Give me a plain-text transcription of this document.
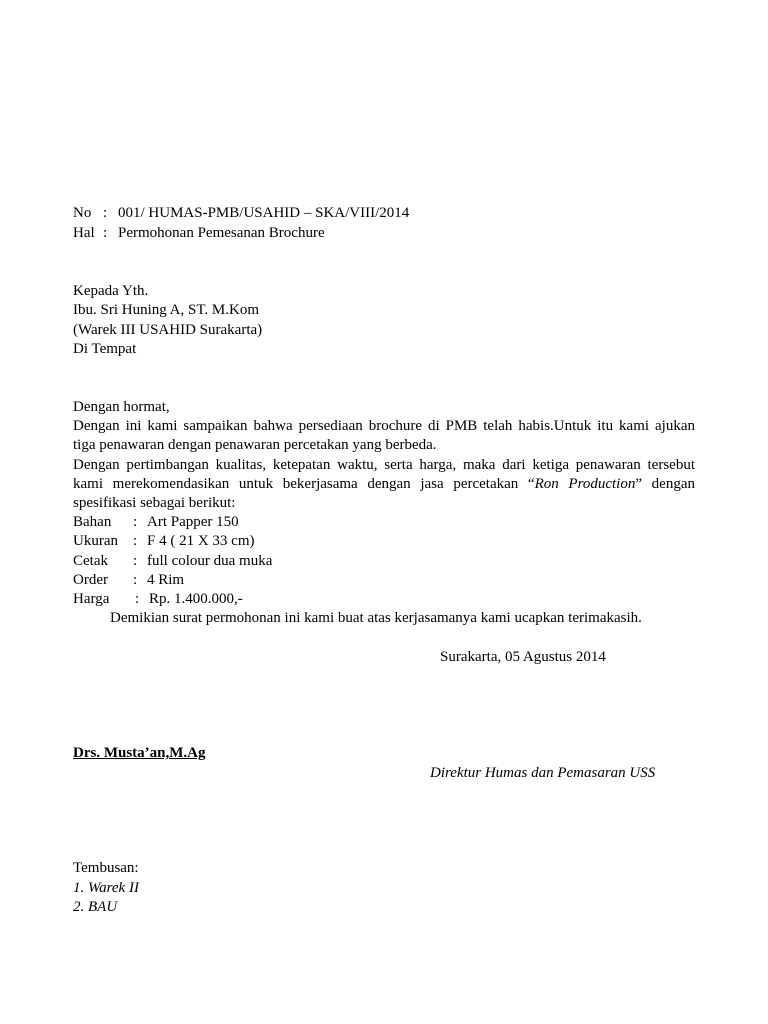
No : 001/ HUMAS-PMB/USAHID – SKA/VIII/2014
Hal : Permohonan Pemesanan Brochure
Kepada Yth.
Ibu. Sri Huning A, ST. M.Kom
(Warek III USAHID Surakarta)
Di Tempat
Dengan hormat,
Dengan ini kami sampaikan bahwa persediaan brochure di PMB telah habis.Untuk itu kami ajukan
tiga penawaran dengan penawaran percetakan yang berbeda.
Dengan pertimbangan kualitas, ketepatan waktu, serta harga, maka dari ketiga penawaran tersebut
kami merekomendasikan untuk bekerjasama dengan jasa percetakan “Ron Production” dengan
spesifikasi sebagai berikut:
Bahan : Art Papper 150
Ukuran : F 4 ( 21 X 33 cm)
Cetak : full colour dua muka
Order : 4 Rim
Harga : Rp. 1.400.000,-
Demikian surat permohonan ini kami buat atas kerjasamanya kami ucapkan terimakasih.
Surakarta, 05 Agustus 2014
Drs. Musta’an,M.Ag
Direktur Humas dan Pemasaran USS
Tembusan:
1. Warek II
2. BAU
